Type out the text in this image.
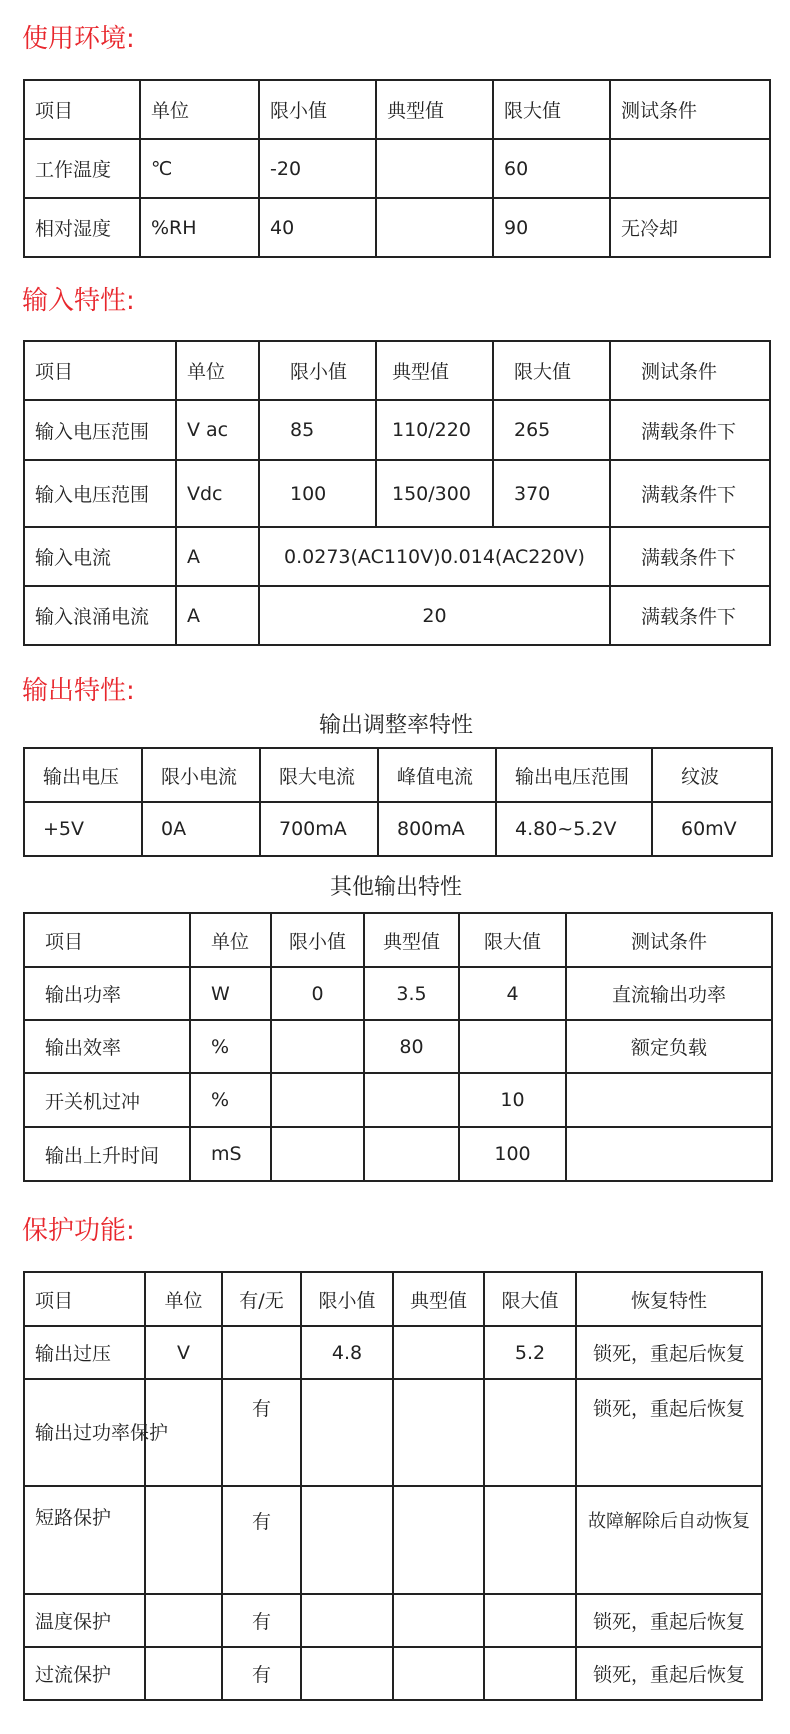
使用环境:
项目	单位	限小值	典型值	限大值	测试条件
工作温度	℃	-20		60	
相对湿度	%RH	40		90	无冷却
输入特性:
项目	单位	限小值	典型值	限大值	测试条件
输入电压范围	V ac	85	110/220	265	满载条件下
输入电压范围	Vdc	100	150/300	370	满载条件下
输入电流	A	0.0273(AC110V)0.014(AC220V)			满载条件下
输入浪涌电流	A	20			满载条件下
输出特性:
输出调整率特性
输出电压	限小电流	限大电流	峰值电流	输出电压范围	纹波
+5V	0A	700mA	800mA	4.80~5.2V	60mV
其他输出特性
项目	单位	限小值	典型值	限大值	测试条件
输出功率	W	0	3.5	4	直流输出功率
输出效率	%		80		额定负载
开关机过冲	%			10	
输出上升时间	mS			100	
保护功能:
项目	单位	有/无	限小值	典型值	限大值	恢复特性
输出过压	V		4.8		5.2	锁死，重起后恢复
输出过功率保护		有				锁死，重起后恢复
短路保护		有				故障解除后自动恢复
温度保护		有				锁死，重起后恢复
过流保护		有				锁死，重起后恢复
